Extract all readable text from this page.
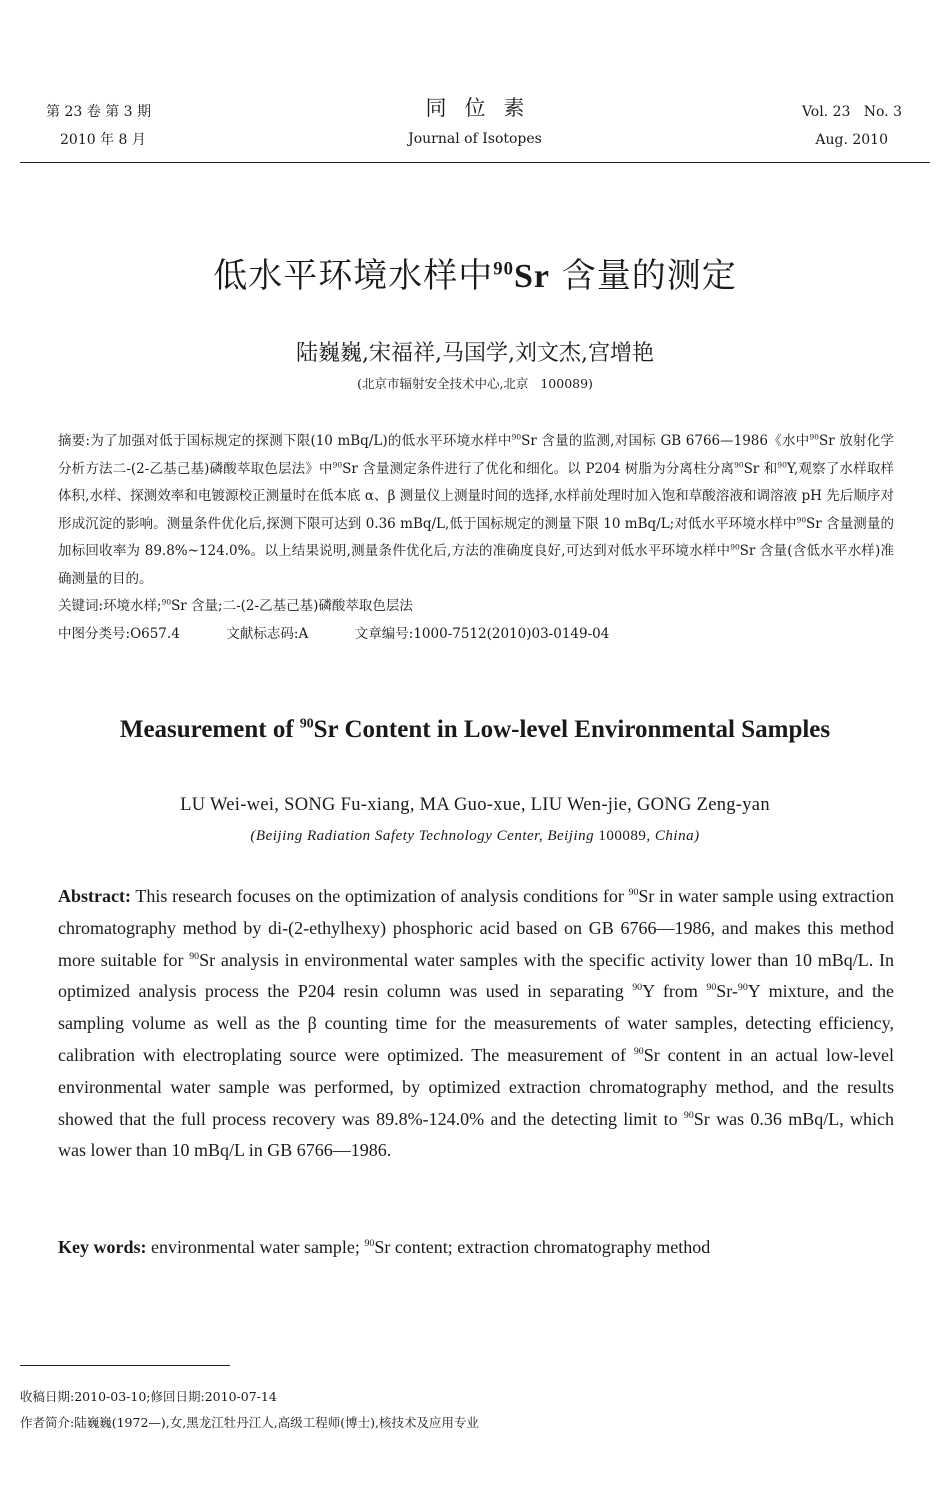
第 23 卷 第 3 期
2010 年 8 月
同位素
Journal of Isotopes
Vol. 23   No. 3
Aug. 2010
低水平环境水样中$^{90}$Sr 含量的测定
陆巍巍,宋福祥,马国学,刘文杰,宫增艳
(北京市辐射安全技术中心,北京   100089)
摘要:为了加强对低于国标规定的探测下限(10 mBq/L)的低水平环境水样中$^{90}$Sr 含量的监测,对国标 GB 6766—1986《水中$^{90}$Sr 放射化学分析方法二-(2-乙基己基)磷酸萃取色层法》中$^{90}$Sr 含量测定条件进行了优化和细化。以 P204 树脂为分离柱分离$^{90}$Sr 和$^{90}$Y,观察了水样取样体积,水样、探测效率和电镀源校正测量时在低本底 α、β 测量仪上测量时间的选择,水样前处理时加入饱和草酸溶液和调溶液 pH 先后顺序对形成沉淀的影响。测量条件优化后,探测下限可达到 0.36 mBq/L,低于国标规定的测量下限 10 mBq/L;对低水平环境水样中$^{90}$Sr 含量测量的加标回收率为 89.8%~124.0%。以上结果说明,测量条件优化后,方法的准确度良好,可达到对低水平环境水样中$^{90}$Sr 含量(含低水平水样)准确测量的目的。
关键词:环境水样;$^{90}$Sr 含量;二-(2-乙基己基)磷酸萃取色层法
中图分类号:O657.4	文献标志码:A	文章编号:1000-7512(2010)03-0149-04
Measurement of $^{90}$Sr Content in Low-level Environmental Samples
LU Wei-wei, SONG Fu-xiang, MA Guo-xue, LIU Wen-jie, GONG Zeng-yan
(Beijing Radiation Safety Technology Center, Beijing 100089, China)
Abstract: This research focuses on the optimization of analysis conditions for $^{90}$Sr in water sample using extraction chromatography method by di-(2-ethylhexy) phosphoric acid based on GB 6766—1986, and makes this method more suitable for $^{90}$Sr analysis in environmental water samples with the specific activity lower than 10 mBq/L. In optimized analysis process the P204 resin column was used in separating $^{90}$Y from $^{90}$Sr-$^{90}$Y mixture, and the sampling volume as well as the β counting time for the measurements of water samples, detecting efficiency, calibration with electroplating source were optimized. The measurement of $^{90}$Sr content in an actual low-level environmental water sample was performed, by optimized extraction chromatography method, and the results showed that the full process recovery was 89.8%-124.0% and the detecting limit to $^{90}$Sr was 0.36 mBq/L, which was lower than 10 mBq/L in GB 6766—1986.
Key words: environmental water sample; $^{90}$Sr content; extraction chromatography method
收稿日期:2010-03-10;修回日期:2010-07-14
作者简介:陆巍巍(1972—),女,黑龙江牡丹江人,高级工程师(博士),核技术及应用专业
